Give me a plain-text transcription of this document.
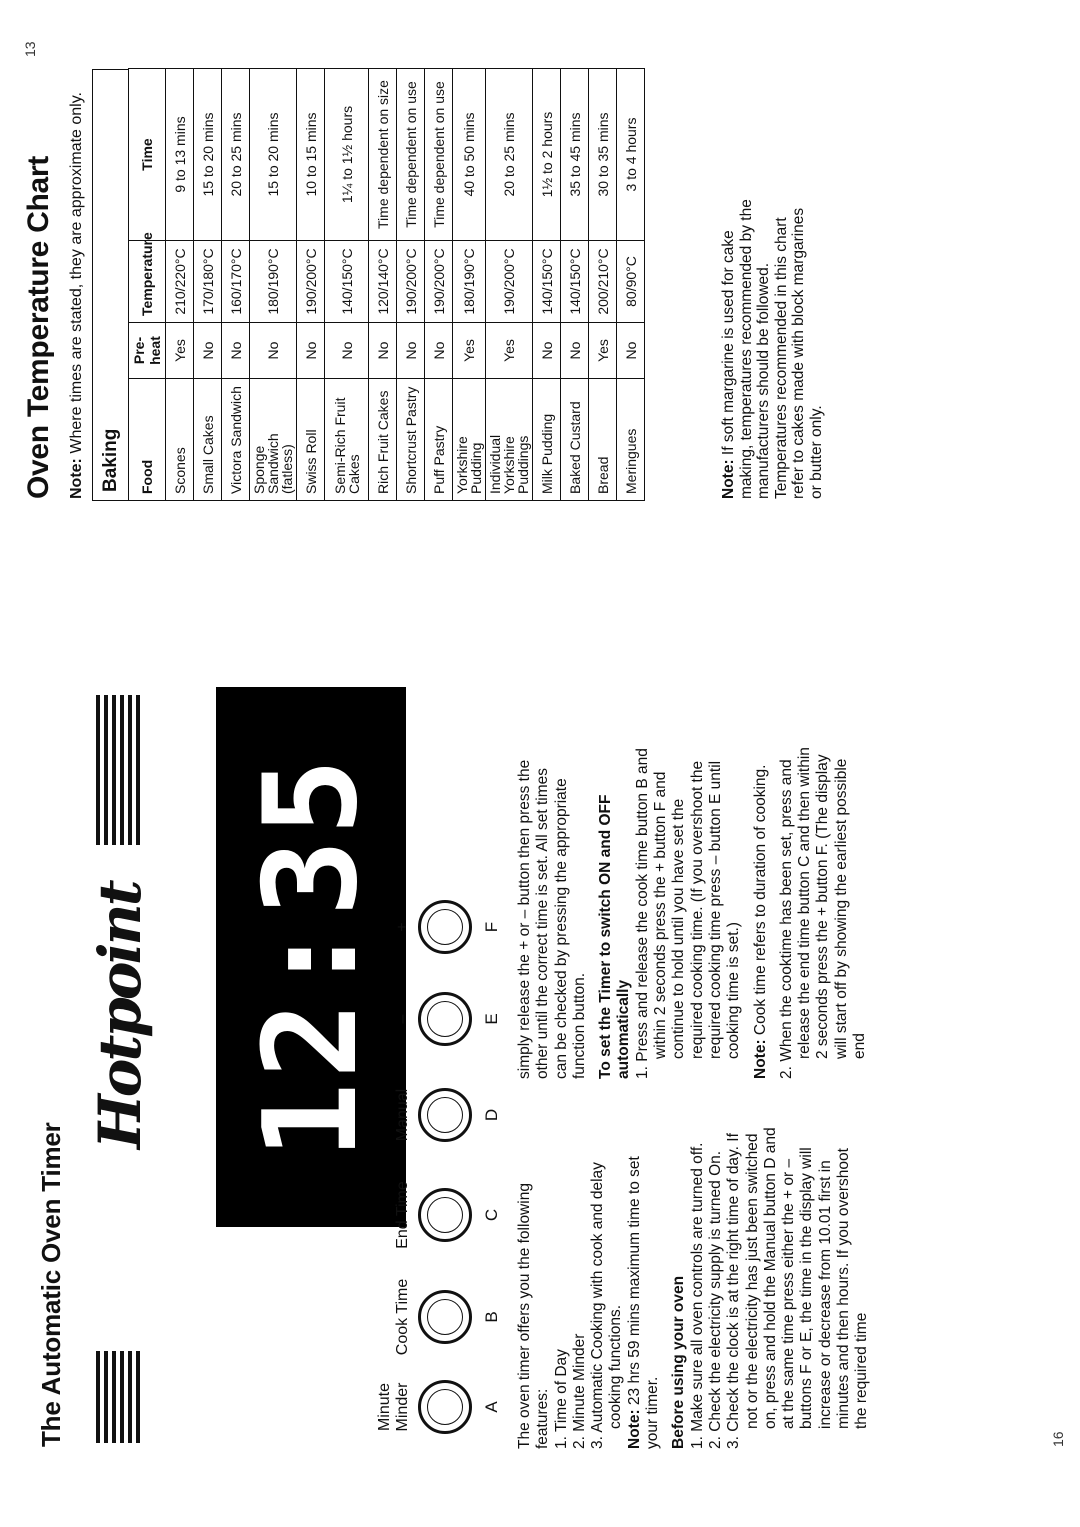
The Automatic Oven Timer
Hotpoint 12:35
Minute Minder	A
Cook Time	B
End Time	C
Manual	D
–	E
+	F

The oven timer offers you the following features: 1. Time of Day 2. Minute Minder 3. Automatic Cooking with cook and delay cooking functions.

Note: 23 hrs 59 mins maximum time to set your timer. Before using your oven 1. Make sure all oven controls are turned off. 2. Check the electricity supply is turned On. 3. Check the clock is at the right time of day. If not or the electricity has just been switched on, press and hold the Manual button D and at the same time press either the + or – buttons F or E, the time in the display will increase or decrease from 10.01 first in minutes and then hours. If you overshoot the required time

simply release the + or – button then press the other until the correct time is set. All set times can be checked by pressing the appropriate function button. To set the Timer to switch ON and OFF automatically 1. Press and release the cook time button B and within 2 seconds press the + button F and continue to hold until you have set the required cooking time. (If you overshoot the required cooking time press – button E until cooking time is set.)

Note: Cook time refers to duration of cooking. 2. When the cooktime has been set, press and release the end time button C and then within 2 seconds press the + button F. (The display will start off by showing the earliest possible end

16
Oven Temperature Chart Note: Where times are stated, they are approximate only.
Baking	Food	Pre-heat	Temperature	Time
Scones	Yes	210/220°C	9 to 13 mins
Small Cakes	No	170/180°C	15 to 20 mins
Victora Sandwich	No	160/170°C	20 to 25 mins
Sponge Sandwich (fatless)	No	180/190°C	15 to 20 mins
Swiss Roll	No	190/200°C	10 to 15 mins
Semi-Rich Fruit Cakes	No	140/150°C	1¼ to 1½ hours
Rich Fruit Cakes	No	120/140°C	Time dependent on size
Shortcrust Pastry	No	190/200°C	Time dependent on use
Puff Pastry	No	190/200°C	Time dependent on use
Yorkshire Pudding	Yes	180/190°C	40 to 50 mins
Individual Yorkshire Puddings	Yes	190/200°C	20 to 25 mins
Milk Pudding	No	140/150°C	1½ to 2 hours
Baked Custard	No	140/150°C	35 to 45 mins
Bread	Yes	200/210°C	30 to 35 mins
Meringues	No	80/90°C	3 to 4 hours
Note: If soft margarine is used for cake making, temperatures recommended by the manufacturers should be followed. Temperatures recommended in this chart refer to cakes made with block margarines or butter only.
13
